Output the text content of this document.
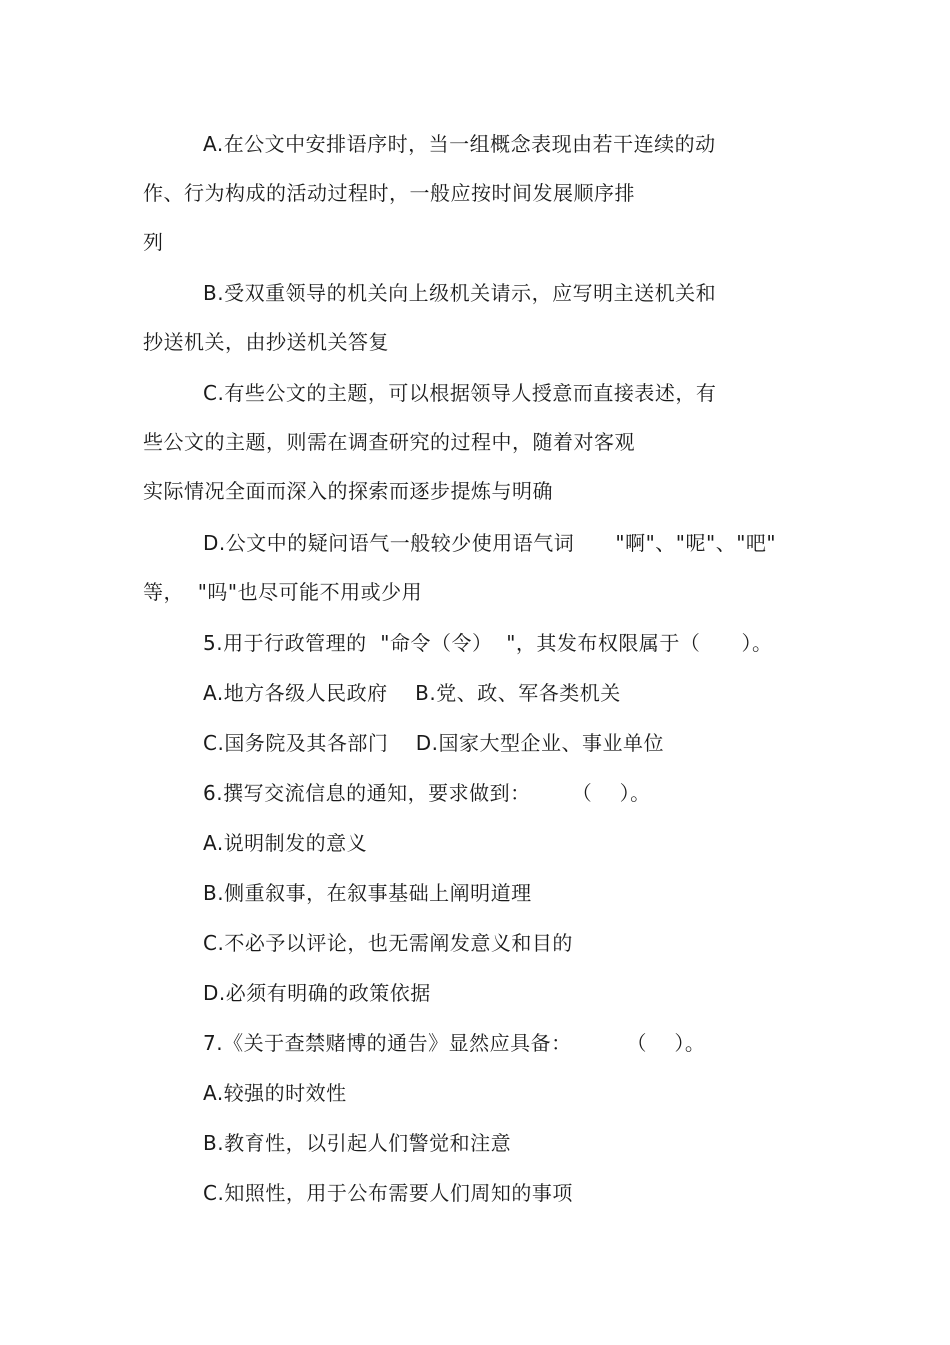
A.在公文中安排语序时，当一组概念表现由若干连续的动
作、行为构成的活动过程时，一般应按时间发展顺序排
列
B.受双重领导的机关向上级机关请示，应写明主送机关和
抄送机关，由抄送机关答复
C.有些公文的主题，可以根据领导人授意而直接表述，有
些公文的主题，则需在调查研究的过程中，随着对客观
实际情况全面而深入的探索而逐步提炼与明确
D.公文中的疑问语气一般较少使用语气词      "啊"、"呢"、"吧"
等，  "吗"也尽可能不用或少用
5.用于行政管理的  "命令（令）  "，其发布权限属于（      ）。
A.地方各级人民政府    B.党、政、军各类机关
C.国务院及其各部门    D.国家大型企业、事业单位
6.撰写交流信息的通知，要求做到：      （    ）。
A.说明制发的意义
B.侧重叙事，在叙事基础上阐明道理
C.不必予以评论，也无需阐发意义和目的
D.必须有明确的政策依据
7.《关于查禁赌博的通告》显然应具备：        （    ）。
A.较强的时效性
B.教育性，以引起人们警觉和注意
C.知照性，用于公布需要人们周知的事项
